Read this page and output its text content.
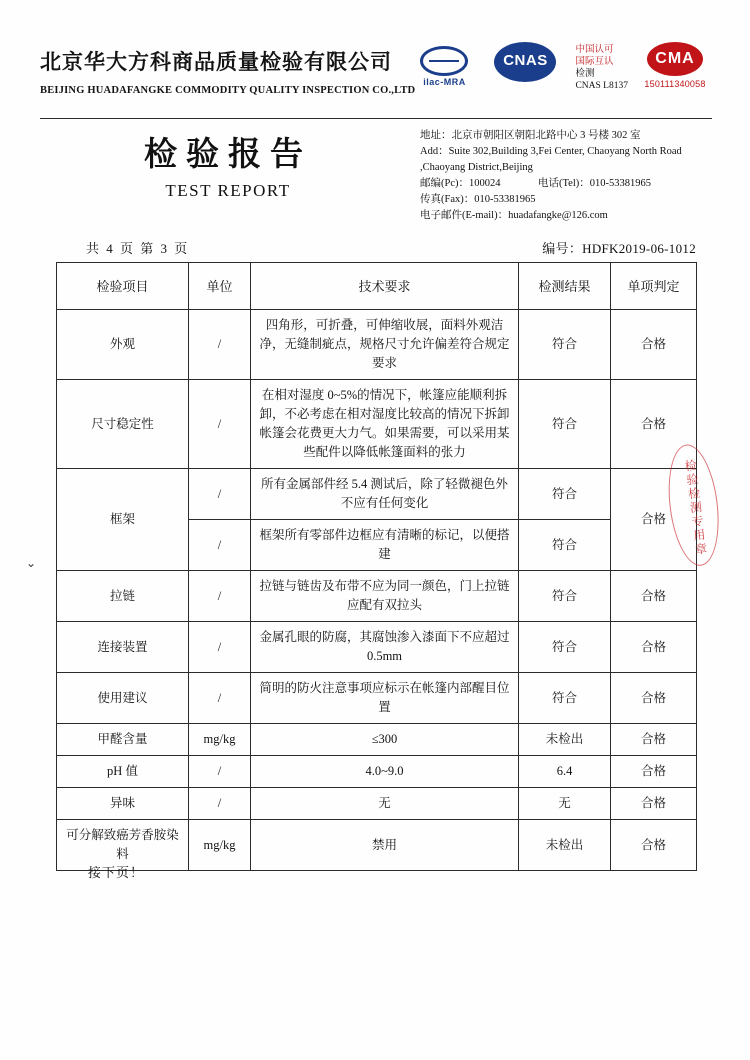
北京华大方科商品质量检验有限公司
BEIJING HUADAFANGKE COMMODITY QUALITY INSPECTION CO.,LTD
ilac-MRA
CNAS
中国认可
国际互认
检测
CNAS L8137
CMA
150111340058
检验报告
TEST REPORT
地址：北京市朝阳区朝阳北路中心 3 号楼 302 室
Add：Suite 302,Building 3,Fei Center, Chaoyang North Road ,Chaoyang District,Beijing
邮编(Pc)：100024	电话(Tel)：010-53381965
传真(Fax)：010-53381965
电子邮件(E-mail)：huadafangke@126.com
共 4 页 第 3 页	编号：HDFK2019-06-1012
⌄
检验项目	单位	技术要求	检测结果	单项判定
外观	/	四角形，可折叠，可伸缩收展，面料外观洁净，无缝制疵点，规格尺寸允许偏差符合规定要求	符合	合格
尺寸稳定性	/	在相对湿度 0~5%的情况下，帐篷应能顺利拆卸，不必考虑在相对湿度比较高的情况下拆卸帐篷会花费更大力气。如果需要，可以采用某些配件以降低帐篷面料的张力	符合	合格
框架	/	所有金属部件经 5.4 测试后，除了轻微褪色外不应有任何变化	符合	合格
	/	框架所有零部件边框应有清晰的标记，以便搭建	符合	
拉链	/	拉链与链齿及布带不应为同一颜色，门上拉链应配有双拉头	符合	合格
连接装置	/	金属孔眼的防腐，其腐蚀渗入漆面下不应超过 0.5mm	符合	合格
使用建议	/	简明的防火注意事项应标示在帐篷内部醒目位置	符合	合格
甲醛含量	mg/kg	≤300	未检出	合格
pH 值	/	4.0~9.0	6.4	合格
异味	/	无	无	合格
可分解致癌芳香胺染料	mg/kg	禁用	未检出	合格
接下页！
检验检测专用章
